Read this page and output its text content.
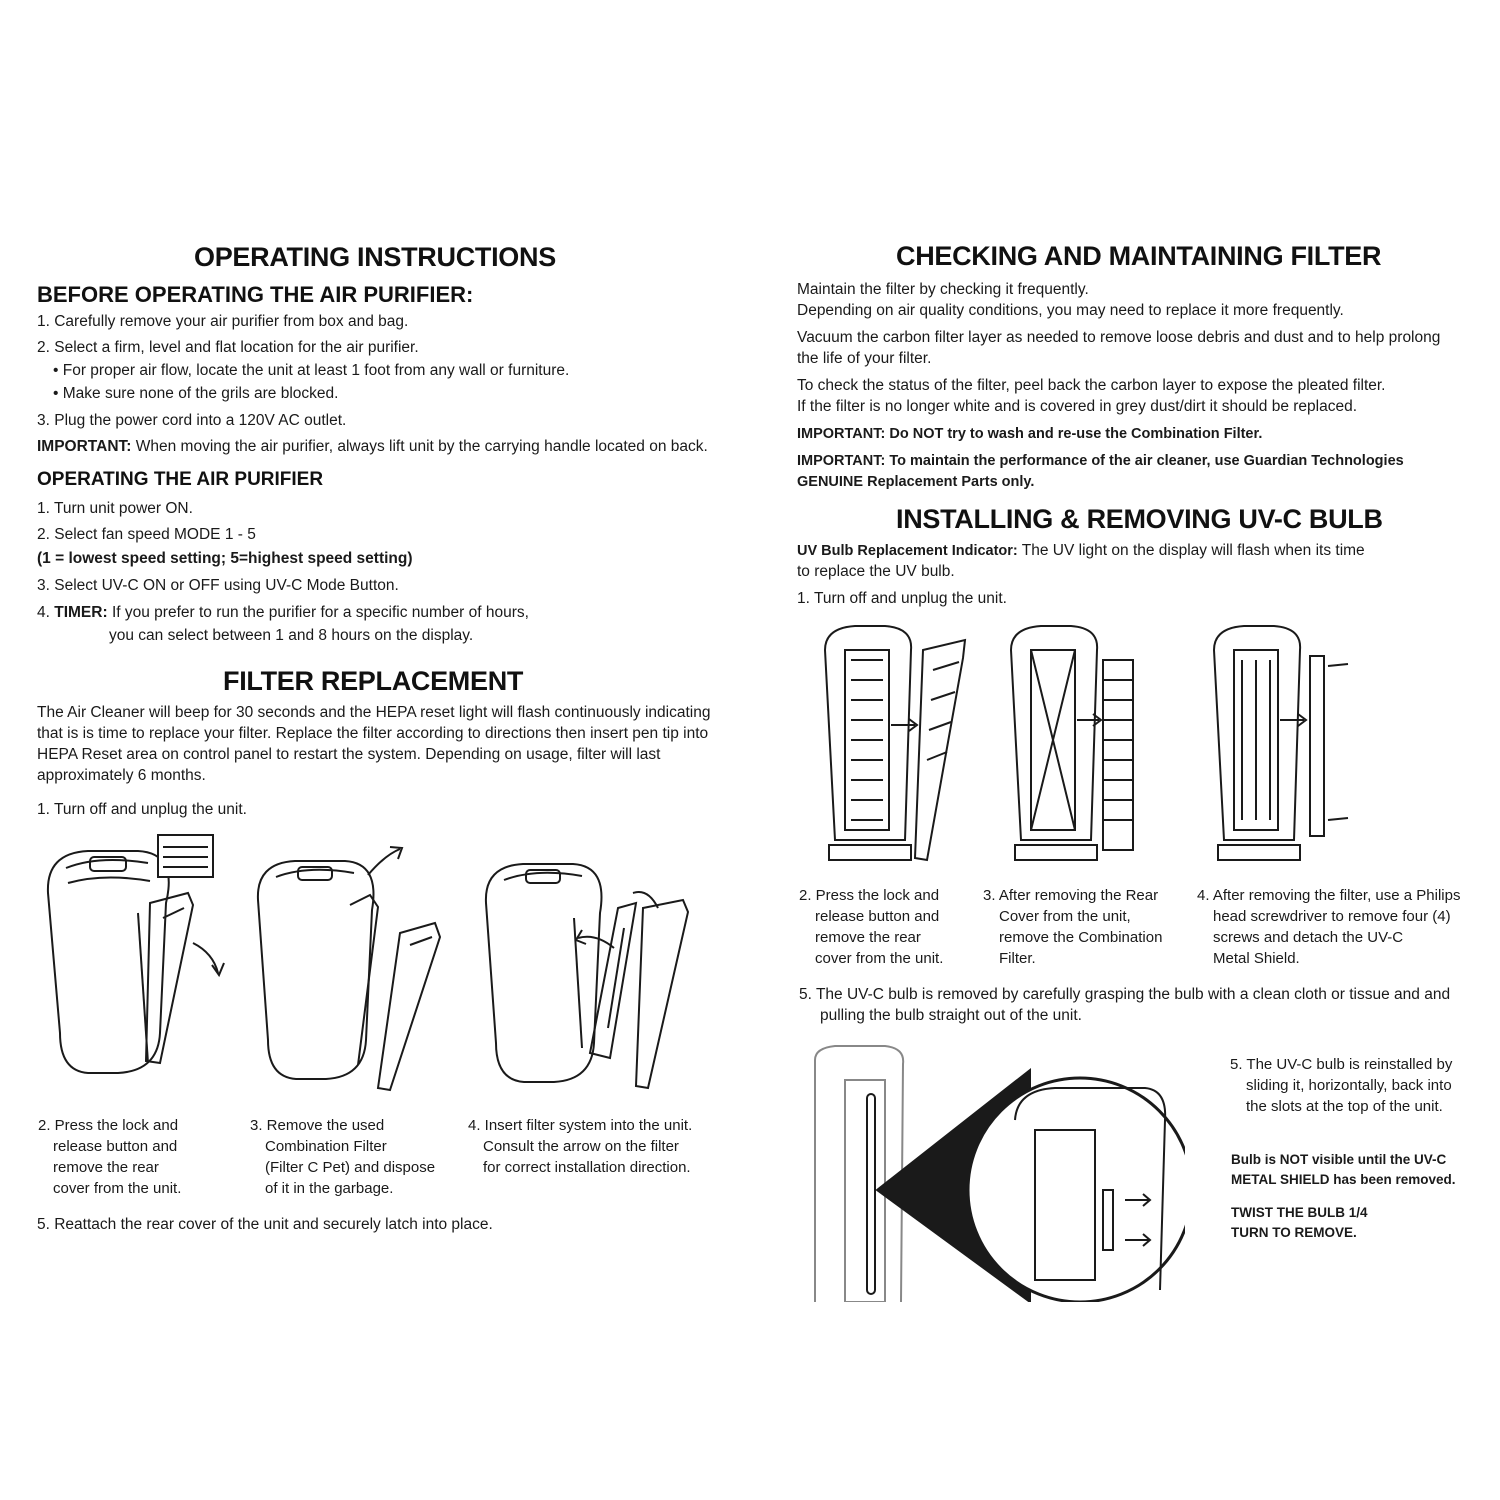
OPERATING INSTRUCTIONS
BEFORE OPERATING THE AIR PURIFIER:
1. Carefully remove your air purifier from box and bag.
2. Select a firm, level and flat location for the air purifier.
• For proper air flow, locate the unit at least 1 foot from any wall or furniture.
• Make sure none of the grils are blocked.
3. Plug the power cord into a 120V AC outlet.
IMPORTANT: When moving the air purifier, always lift unit by the carrying handle located on back.
OPERATING THE AIR PURIFIER
1. Turn unit power ON.
2. Select fan speed MODE 1 - 5
(1 = lowest speed setting; 5=highest speed setting)
3. Select UV-C ON or OFF using UV-C Mode Button.
4. TIMER: If you prefer to run the purifier for a specific number of hours,
you can select between 1 and 8 hours on the display.
FILTER REPLACEMENT
The Air Cleaner will beep for 30 seconds and the HEPA reset light will flash continuously indicating
that is is time to replace your filter. Replace the filter according to directions then insert pen tip into
HEPA Reset area on control panel to restart the system. Depending on usage, filter will last
approximately 6 months.
1. Turn off and unplug the unit.
2. Press the lock and
release button and
remove the rear
cover from the unit.
3. Remove the used
Combination Filter
(Filter C Pet) and dispose
of it in the garbage.
4. Insert filter system into the unit.
Consult the arrow on the filter
for correct installation direction.
5. Reattach the rear cover of the unit and securely latch into place.
CHECKING AND MAINTAINING FILTER
Maintain the filter by checking it frequently.
Depending on air quality conditions, you may need to replace it more frequently.
Vacuum the carbon filter layer as needed to remove loose debris and dust and to help prolong
the life of your filter.
To check the status of the filter, peel back the carbon layer to expose the pleated filter.
If the filter is no longer white and is covered in grey dust/dirt it should be replaced.
IMPORTANT: Do NOT try to wash and re-use the Combination Filter.
IMPORTANT: To maintain the performance of the air cleaner, use Guardian Technologies
GENUINE Replacement Parts only.
INSTALLING & REMOVING UV-C BULB
UV Bulb Replacement Indicator: The UV light on the display will flash when its time
to replace the UV bulb.
1. Turn off and unplug the unit.
2. Press the lock and
release button and
remove the rear
cover from the unit.
3. After removing the Rear
Cover from the unit,
remove the Combination
Filter.
4. After removing the filter, use a Philips
head screwdriver to remove four (4)
screws and detach the UV-C
Metal Shield.
5. The UV-C bulb is removed by carefully grasping the bulb with a clean cloth or tissue and and
pulling the bulb straight out of the unit.
5. The UV-C bulb is reinstalled by
sliding it, horizontally, back into
the slots at the top of the unit.
Bulb is NOT visible until the UV-C
METAL SHIELD has been removed.
TWIST THE BULB 1/4
TURN TO REMOVE.
